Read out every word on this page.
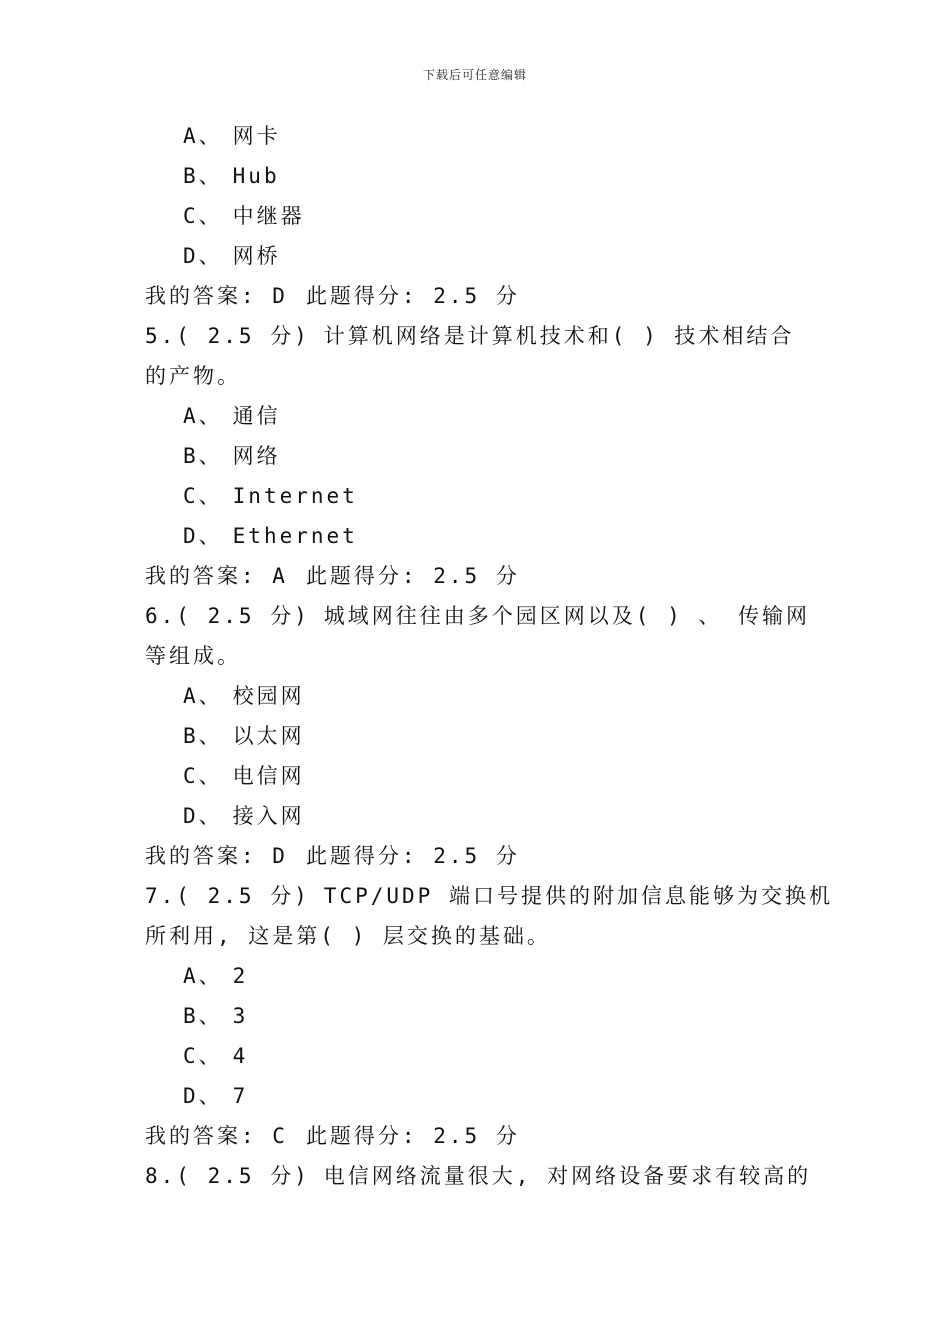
下载后可任意编辑
A、 网卡
B、 Hub
C、 中继器
D、 网桥
我的答案: D 此题得分: 2.5 分
5.( 2.5 分) 计算机网络是计算机技术和( ) 技术相结合
的产物。
A、 通信
B、 网络
C、 Internet
D、 Ethernet
我的答案: A 此题得分: 2.5 分
6.( 2.5 分) 城域网往往由多个园区网以及( ) 、 传输网
等组成。
A、 校园网
B、 以太网
C、 电信网
D、 接入网
我的答案: D 此题得分: 2.5 分
7.( 2.5 分) TCP/UDP 端口号提供的附加信息能够为交换机
所利用, 这是第( ) 层交换的基础。
A、 2
B、 3
C、 4
D、 7
我的答案: C 此题得分: 2.5 分
8.( 2.5 分) 电信网络流量很大, 对网络设备要求有较高的
